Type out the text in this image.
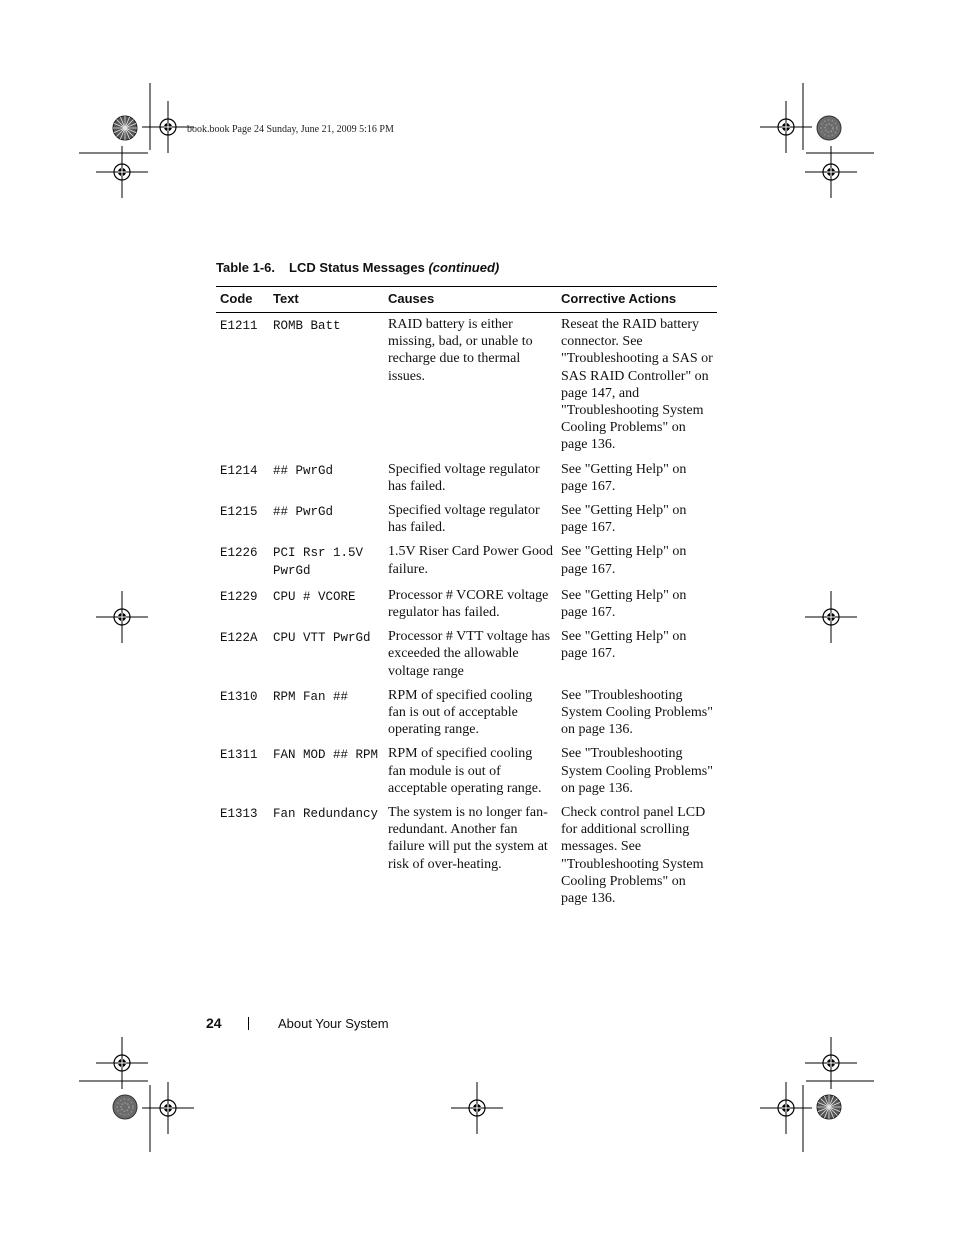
book.book Page 24 Sunday, June 21, 2009 5:16 PM
Table 1-6. LCD Status Messages (continued)
Code	Text	Causes	Corrective Actions
E1211	ROMB Batt	RAID battery is either missing, bad, or unable to recharge due to thermal issues.	Reseat the RAID battery connector. See "Troubleshooting a SAS or SAS RAID Controller" on page 147, and "Troubleshooting System Cooling Problems" on page 136.
E1214	## PwrGd	Specified voltage regulator has failed.	See "Getting Help" on page 167.
E1215	## PwrGd	Specified voltage regulator has failed.	See "Getting Help" on page 167.
E1226	PCI Rsr 1.5V PwrGd	1.5V Riser Card Power Good failure.	See "Getting Help" on page 167.
E1229	CPU # VCORE	Processor # VCORE voltage regulator has failed.	See "Getting Help" on page 167.
E122A	CPU VTT PwrGd	Processor # VTT voltage has exceeded the allowable voltage range	See "Getting Help" on page 167.
E1310	RPM Fan ##	RPM of specified cooling fan is out of acceptable operating range.	See "Troubleshooting System Cooling Problems" on page 136.
E1311	FAN MOD ## RPM	RPM of specified cooling fan module is out of acceptable operating range.	See "Troubleshooting System Cooling Problems" on page 136.
E1313	Fan Redundancy	The system is no longer fan-redundant. Another fan failure will put the system at risk of over-heating.	Check control panel LCD for additional scrolling messages. See "Troubleshooting System Cooling Problems" on page 136.
24	About Your System
